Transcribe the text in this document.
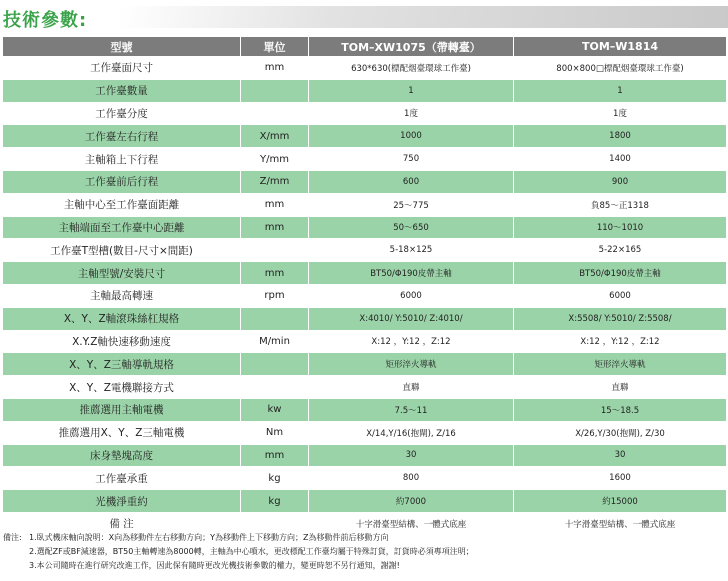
技術參數:
型號	單位	TOM–XW1075（帶轉臺）	TOM–W1814
工作臺面尺寸	mm	630*630(標配烟臺環球工作臺)	800×800□標配烟臺環球工作臺)
工作臺數量		1	1
工作臺分度		1度	1度
工作臺左右行程	X/mm	1000	1800
主軸箱上下行程	Y/mm	750	1400
工作臺前后行程	Z/mm	600	900
主軸中心至工作臺面距離	mm	25～775	負85～正1318
主軸端面至工作臺中心距離	mm	50～650	110～1010
工作臺T型槽(數目-尺寸×間距)		5-18×125	5-22×165
主軸型號/安裝尺寸	mm	BT50/Φ190皮帶主軸	BT50/Φ190皮帶主軸
主軸最高轉速	rpm	6000	6000
X、Y、Z軸滾珠絲杠規格		X:4010/ Y:5010/ Z:4010/	X:5508/ Y:5010/ Z:5508/
X.Y.Z軸快速移動速度	M/min	X:12 ，Y:12 ，Z:12	X:12 ，Y:12 ，Z:12
X、Y、Z三軸導軌規格		矩形淬火導軌	矩形淬火導軌
X、Y、Z電機聯接方式		直聯	直聯
推薦選用主軸電機	kw	7.5～11	15～18.5
推薦選用X、Y、Z三軸電機	Nm	X/14,Y/16(抱閘), Z/16	X/26,Y/30(抱閘), Z/30
床身墊塊高度	mm	30	30
工作臺承重	kg	800	1600
光機淨重約	kg	約7000	約15000
備 注		十字滑臺型結構、一體式底座	十字滑臺型結構、一體式底座
備注: 1.臥式機床軸向說明：X向為移動件左右移動方向；Y為移動件上下移動方向；Z為移動件前后移動方向
2.選配ZF或BF減速器，BT50主軸轉速為8000轉，主軸為中心噴水，更改標配工作臺均屬于特殊訂貨，訂貨時必須專項注明；
3.本公司隨時在進行研究改進工作，因此保有隨時更改光機技術參數的權力，變更時恕不另行通知，謝謝!
